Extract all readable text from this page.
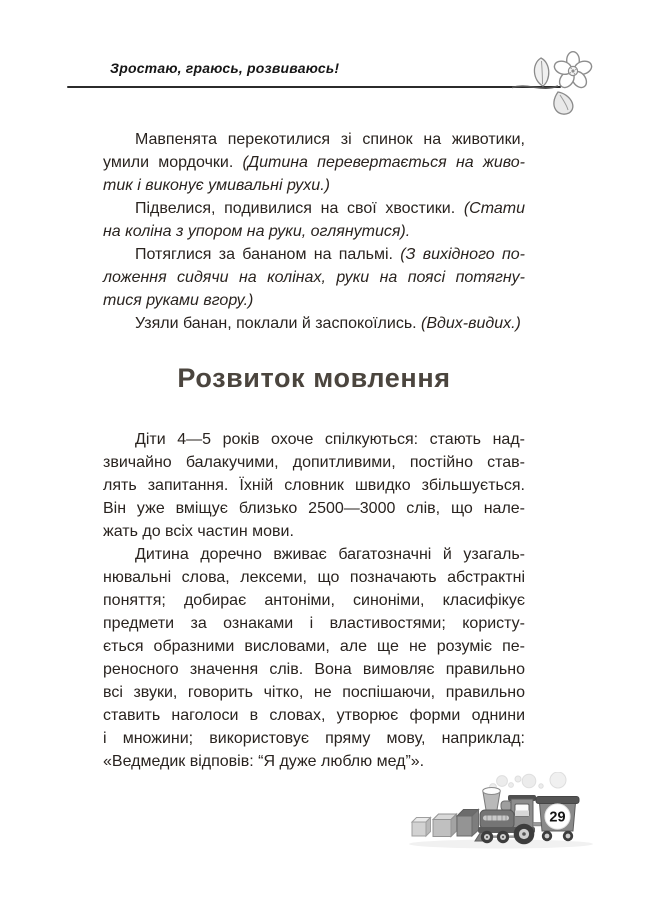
Зростаю, граюсь, розвиваюсь!
Мавпенята перекотилися зі спинок на животики,
умили мордочки. (Дитина перевертається на живо-
тик і виконує умивальні рухи.)
Підвелися, подивилися на свої хвостики. (Стати
на коліна з упором на руки, оглянутися).
Потяглися за бананом на пальмі. (З вихідного по-
ложення сидячи на колінах, руки на поясі потягну-
тися руками вгору.)
Узяли банан, поклали й заспокоїлись. (Вдих-видих.)
Розвиток мовлення
Діти 4—5 років охоче спілкуються: стають над-
звичайно балакучими, допитливими, постійно став-
лять запитання. Їхній словник швидко збільшується.
Він уже вміщує близько 2500—3000 слів, що нале-
жать до всіх частин мови.
Дитина доречно вживає багатозначні й узагаль-
нювальні слова, лексеми, що позначають абстрактні
поняття; добирає антоніми, синоніми, класифікує
предмети за ознаками і властивостями; користу-
ється образними висловами, але ще не розуміє пе-
реносного значення слів. Вона вимовляє правильно
всі звуки, говорить чітко, не поспішаючи, правильно
ставить наголоси в словах, утворює форми однини
і множини; використовує пряму мову, наприклад:
«Ведмедик відповів: “Я дуже люблю мед”».
29
